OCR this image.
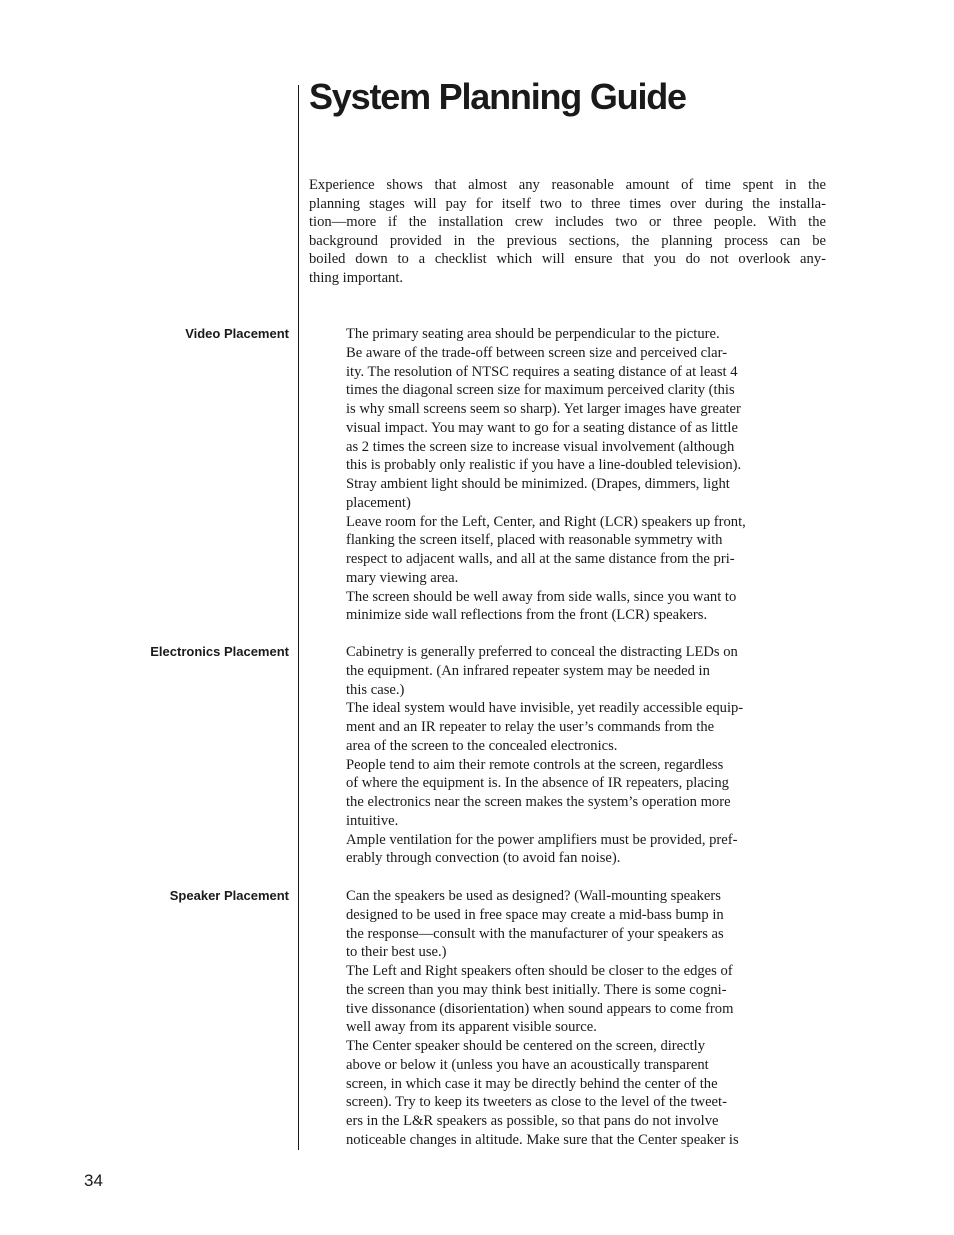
System Planning Guide
Experience shows that almost any reasonable amount of time spent in the
planning stages will pay for itself two to three times over during the installa-
tion—more if the installation crew includes two or three people. With the
background provided in the previous sections, the planning process can be
boiled down to a checklist which will ensure that you do not overlook any-
thing important.
Video Placement	The primary seating area should be perpendicular to the picture.
Be aware of the trade-off between screen size and perceived clar-
ity. The resolution of NTSC requires a seating distance of at least 4
times the diagonal screen size for maximum perceived clarity (this
is why small screens seem so sharp). Yet larger images have greater
visual impact. You may want to go for a seating distance of as little
as 2 times the screen size to increase visual involvement (although
this is probably only realistic if you have a line-doubled television).
Stray ambient light should be minimized. (Drapes, dimmers, light
placement)
Leave room for the Left, Center, and Right (LCR) speakers up front,
flanking the screen itself, placed with reasonable symmetry with
respect to adjacent walls, and all at the same distance from the pri-
mary viewing area.
The screen should be well away from side walls, since you want to
minimize side wall reflections from the front (LCR) speakers.
Electronics Placement	Cabinetry is generally preferred to conceal the distracting LEDs on
the equipment. (An infrared repeater system may be needed in
this case.)
The ideal system would have invisible, yet readily accessible equip-
ment and an IR repeater to relay the user’s commands from the
area of the screen to the concealed electronics.
People tend to aim their remote controls at the screen, regardless
of where the equipment is. In the absence of IR repeaters, placing
the electronics near the screen makes the system’s operation more
intuitive.
Ample ventilation for the power amplifiers must be provided, pref-
erably through convection (to avoid fan noise).
Speaker Placement	Can the speakers be used as designed? (Wall-mounting speakers
designed to be used in free space may create a mid-bass bump in
the response—consult with the manufacturer of your speakers as
to their best use.)
The Left and Right speakers often should be closer to the edges of
the screen than you may think best initially. There is some cogni-
tive dissonance (disorientation) when sound appears to come from
well away from its apparent visible source.
The Center speaker should be centered on the screen, directly
above or below it (unless you have an acoustically transparent
screen, in which case it may be directly behind the center of the
screen). Try to keep its tweeters as close to the level of the tweet-
ers in the L&R speakers as possible, so that pans do not involve
noticeable changes in altitude. Make sure that the Center speaker is
34
